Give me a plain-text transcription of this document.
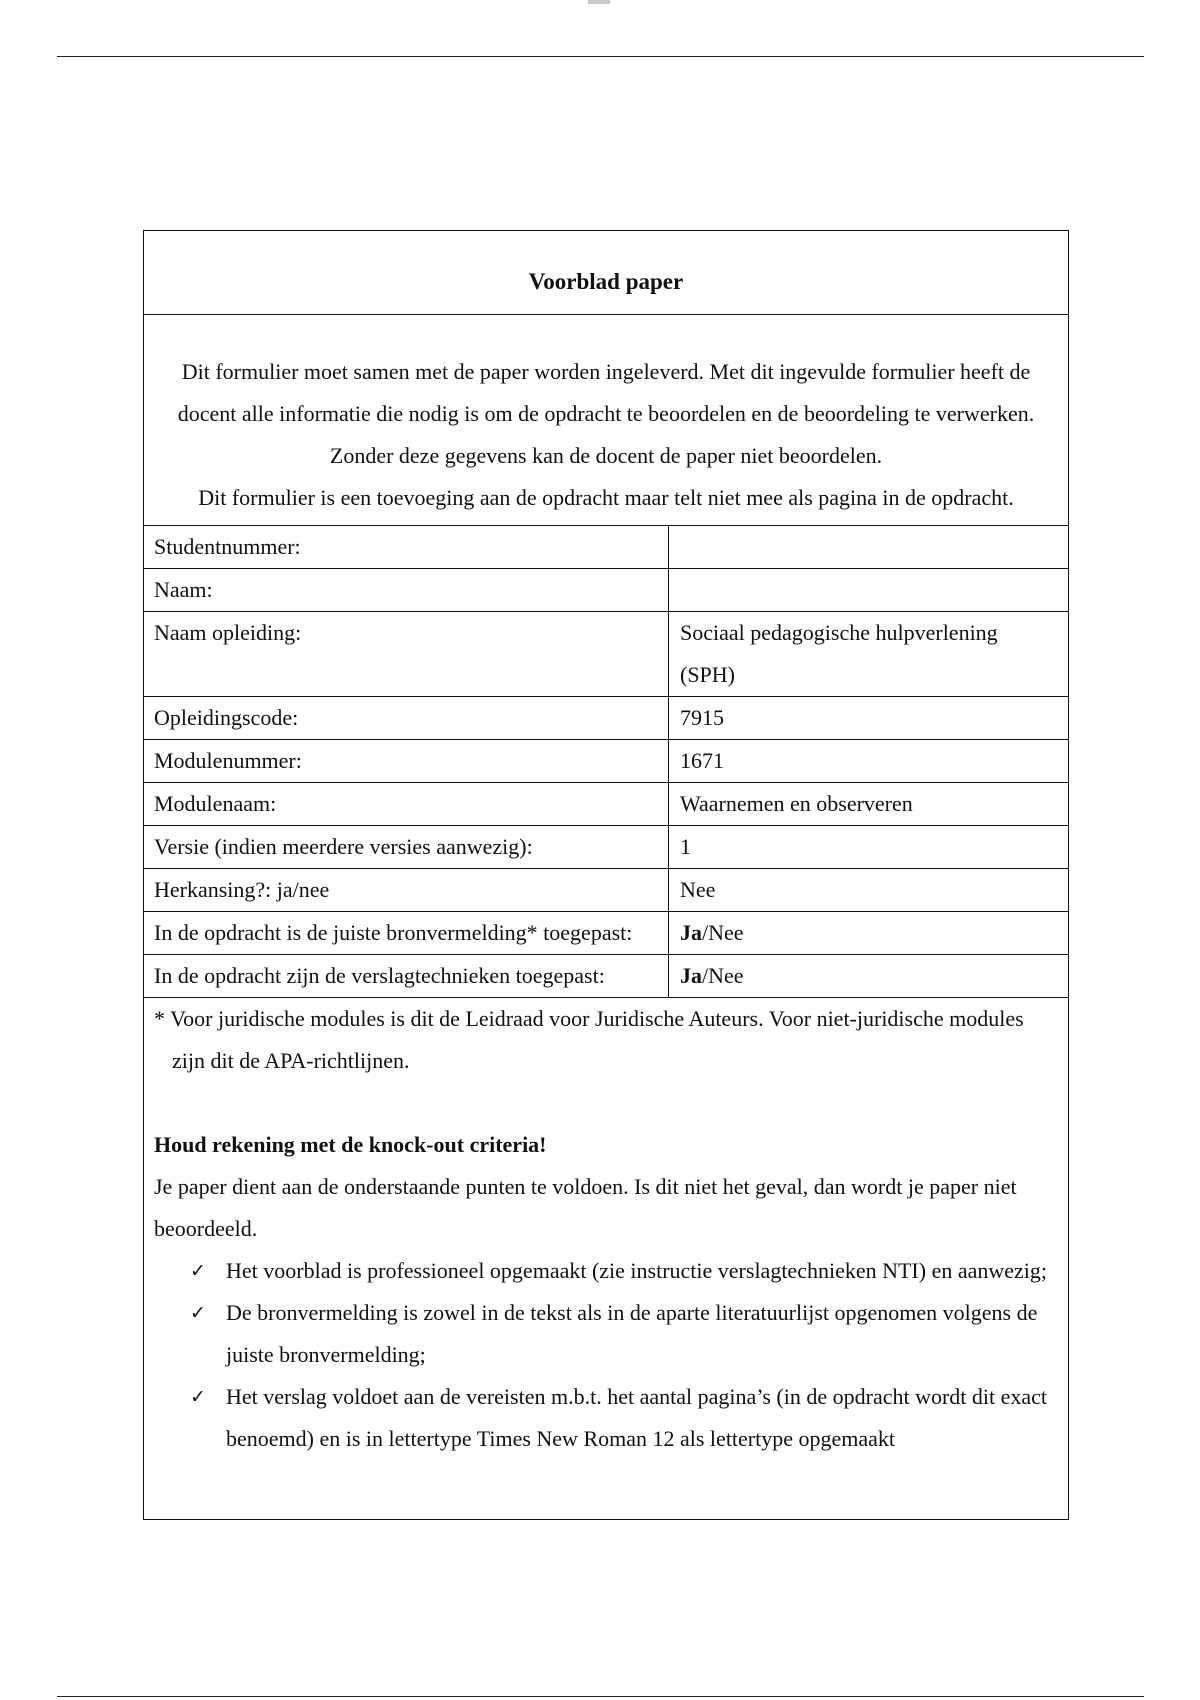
Voorblad paper

Dit formulier moet samen met de paper worden ingeleverd. Met dit ingevulde formulier heeft de docent alle informatie die nodig is om de opdracht te beoordelen en de beoordeling te verwerken. Zonder deze gegevens kan de docent de paper niet beoordelen.

Dit formulier is een toevoeging aan de opdracht maar telt niet mee als pagina in de opdracht.

Studentnummer:	
Naam:	
Naam opleiding:	Sociaal pedagogische hulpverlening (SPH)
Opleidingscode:	7915
Modulenummer:	1671
Modulenaam:	Waarnemen en observeren
Versie (indien meerdere versies aanwezig):	1
Herkansing?: ja/nee	Nee
In de opdracht is de juiste bronvermelding* toegepast:	Ja/Nee
In de opdracht zijn de verslagtechnieken toegepast:	Ja/Nee

* Voor juridische modules is dit de Leidraad voor Juridische Auteurs. Voor niet-juridische modules zijn dit de APA-richtlijnen.

Houd rekening met de knock-out criteria!

Je paper dient aan de onderstaande punten te voldoen. Is dit niet het geval, dan wordt je paper niet beoordeeld.

✓ Het voorblad is professioneel opgemaakt (zie instructie verslagtechnieken NTI) en aanwezig;
✓ De bronvermelding is zowel in de tekst als in de aparte literatuurlijst opgenomen volgens de juiste bronvermelding;
✓ Het verslag voldoet aan de vereisten m.b.t. het aantal pagina’s (in de opdracht wordt dit exact benoemd) en is in lettertype Times New Roman 12 als lettertype opgemaakt
